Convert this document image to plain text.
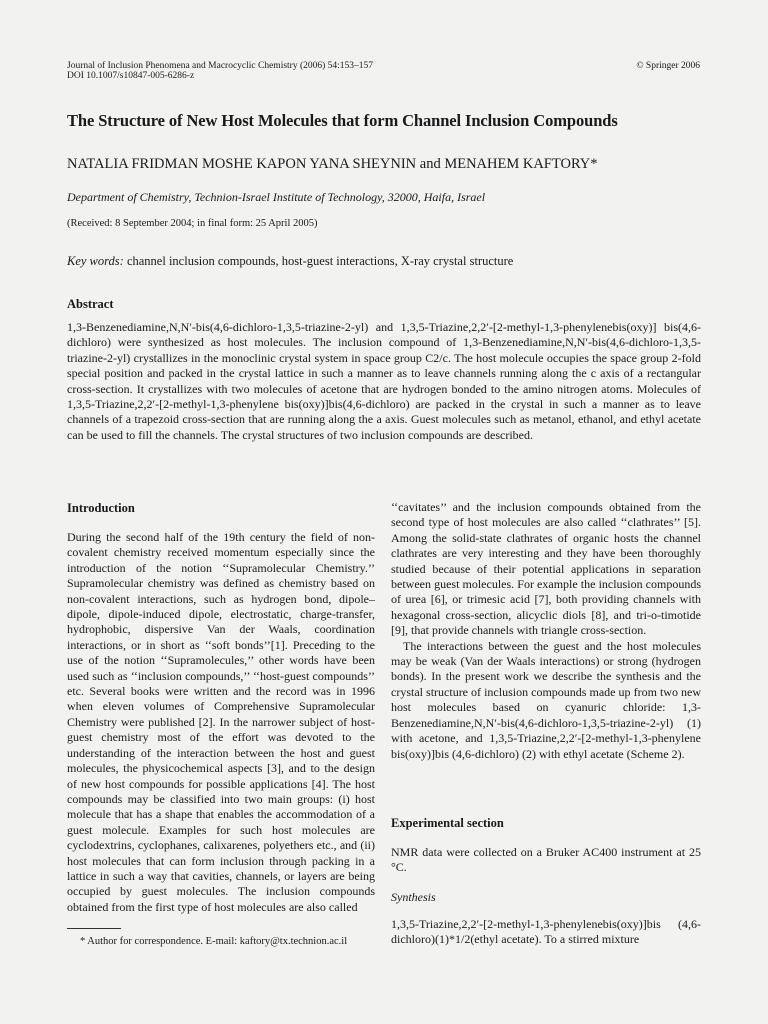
Journal of Inclusion Phenomena and Macrocyclic Chemistry (2006) 54:153–157
DOI 10.1007/s10847-005-6286-z
© Springer 2006
The Structure of New Host Molecules that form Channel Inclusion Compounds
NATALIA FRIDMAN MOSHE KAPON YANA SHEYNIN and MENAHEM KAFTORY*
Department of Chemistry, Technion-Israel Institute of Technology, 32000, Haifa, Israel
(Received: 8 September 2004; in final form: 25 April 2005)
Key words: channel inclusion compounds, host-guest interactions, X-ray crystal structure
Abstract

1,3-Benzenediamine,N,N′-bis(4,6-dichloro-1,3,5-triazine-2-yl) and 1,3,5-Triazine,2,2′-[2-methyl-1,3-phenylenebis(oxy)] bis(4,6-dichloro) were synthesized as host molecules. The inclusion compound of 1,3-Benzenediamine,N,N′-bis(4,6-dichloro-1,3,5-triazine-2-yl) crystallizes in the monoclinic crystal system in space group C2/c. The host molecule occupies the space group 2-fold special position and packed in the crystal lattice in such a manner as to leave channels running along the c axis of a rectangular cross-section. It crystallizes with two molecules of acetone that are hydrogen bonded to the amino nitrogen atoms. Molecules of 1,3,5-Triazine,2,2′-[2-methyl-1,3-phenylene bis(oxy)]bis(4,6-dichloro) are packed in the crystal in such a manner as to leave channels of a trapezoid cross-section that are running along the a axis. Guest molecules such as metanol, ethanol, and ethyl acetate can be used to fill the channels. The crystal structures of two inclusion compounds are described.

Introduction

During the second half of the 19th century the field of non-covalent chemistry received momentum especially since the introduction of the notion ‘‘Supramolecular Chemistry.’’ Supramolecular chemistry was defined as chemistry based on non-covalent interactions, such as hydrogen bond, dipole–dipole, dipole-induced dipole, electrostatic, charge-transfer, hydrophobic, dispersive Van der Waals, coordination interactions, or in short as ‘‘soft bonds’’[1]. Preceding to the use of the notion ‘‘Supramolecules,’’ other words have been used such as ‘‘inclusion compounds,’’ ‘‘host-guest compounds’’ etc. Several books were written and the record was in 1996 when eleven volumes of Comprehensive Supramolecular Chemistry were published [2]. In the narrower subject of host-guest chemistry most of the effort was devoted to the understanding of the interaction between the host and guest molecules, the physicochemical aspects [3], and to the design of new host compounds for possible applications [4]. The host compounds may be classified into two main groups: (i) host molecule that has a shape that enables the accommodation of a guest molecule. Examples for such host molecules are cyclodextrins, cyclophanes, calixarenes, polyethers etc., and (ii) host molecules that can form inclusion through packing in a lattice in such a way that cavities, channels, or layers are being occupied by guest molecules. The inclusion compounds obtained from the first type of host molecules are also called

* Author for correspondence. E-mail: kaftory@tx.technion.ac.il

‘‘cavitates’’ and the inclusion compounds obtained from the second type of host molecules are also called ‘‘clathrates’’ [5]. Among the solid-state clathrates of organic hosts the channel clathrates are very interesting and they have been thoroughly studied because of their potential applications in separation between guest molecules. For example the inclusion compounds of urea [6], or trimesic acid [7], both providing channels with hexagonal cross-section, alicyclic diols [8], and tri-o-timotide [9], that provide channels with triangle cross-section.

The interactions between the guest and the host molecules may be weak (Van der Waals interactions) or strong (hydrogen bonds). In the present work we describe the synthesis and the crystal structure of inclusion compounds made up from two new host molecules based on cyanuric chloride: 1,3-Benzenediamine,N,N′-bis(4,6-dichloro-1,3,5-triazine-2-yl) (1) with acetone, and 1,3,5-Triazine,2,2′-[2-methyl-1,3-phenylene bis(oxy)]bis (4,6-dichloro) (2) with ethyl acetate (Scheme 2).

Experimental section

NMR data were collected on a Bruker AC400 instrument at 25 °C.

Synthesis

1,3,5-Triazine,2,2′-[2-methyl-1,3-phenylenebis(oxy)]bis (4,6-dichloro)(1)*1/2(ethyl acetate). To a stirred mixture
